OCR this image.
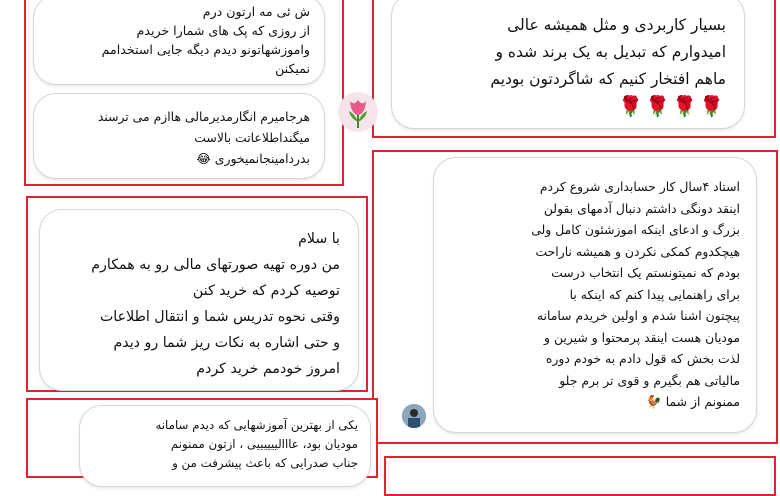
ش ئی مه ارتون درم
از روزی که پک های شمارا خریدم
واموزشهاتونو دیدم دیگه جایی استخدامم
نمیکنن

هرجامیرم انگارمدیرمالی هاازم می ترسند
میگنداطلاعاتت بالاست
بدردامینجانمیخوری 😂

بسیار کاربردی و مثل همیشه عالی
امیدوارم که تبدیل به یک برند شده و
ماهم افتخار کنیم که شاگردتون بودیم

🌹🌹🌹🌹

با سلام
من دوره تهیه صورتهای مالی رو به همکارم
توصیه کردم که خرید کنن
وقتی نحوه تدریس شما و انتقال اطلاعات
و حتی اشاره به نکات ریز شما رو دیدم
امروز خودمم خرید کردم

استاد ۴سال کار حسابداری شروع کردم
اینقد دونگی داشتم دنبال آدمهای بقولن
بزرگ و ادعای اینکه اموزشئون کامل ولی
هیچکدوم کمکی نکردن و همیشه ناراحت
بودم که نمیتونستم یک انتخاب درست
برای راهنمایی پیدا کنم که اینکه با
پیچتون اشنا شدم و اولین خریدم سامانه
مودیان هست اینقد پرمحتوا و شیرین و
لذت بخش که قول دادم به خودم دوره
مالیاتی هم بگیرم و قوی تر برم جلو
ممنونم از شما 🐓

یکی از بهترین آموزشهایی که دیدم سامانه
مودیان بود، عااالییییییی ، ازتون ممنونم
جناب صدرایی که باعث پیشرفت من و
